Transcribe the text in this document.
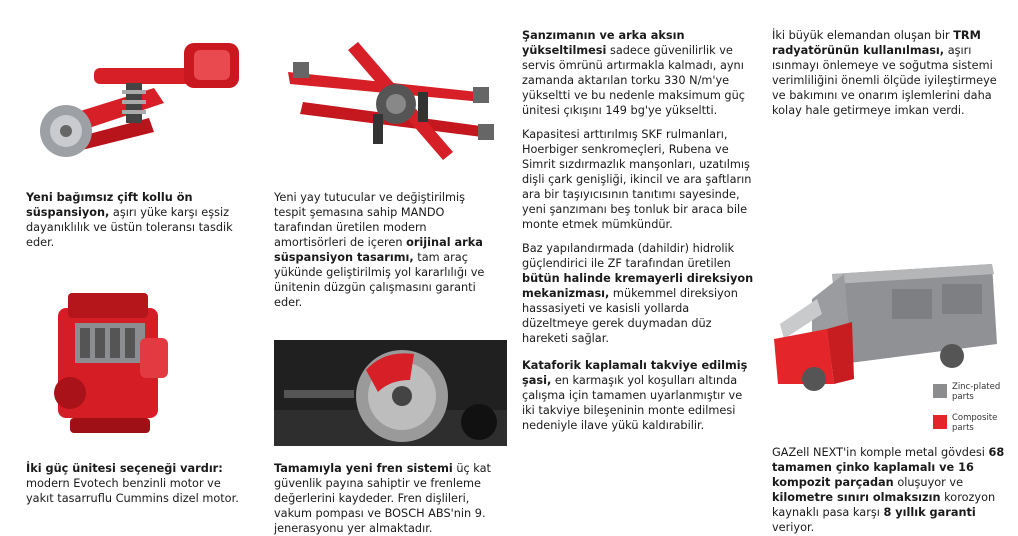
Yeni bağımsız çift kollu ön süspansiyon, aşırı yüke karşı eşsiz dayanıklılık ve üstün toleransı tasdik eder.
İki güç ünitesi seçeneği vardır: modern Evotech benzinli motor ve yakıt tasarruflu Cummins dizel motor.
Yeni yay tutucular ve değiştirilmiş tespit şemasına sahip MANDO tarafından üretilen modern amortisörleri de içeren orijinal arka süspansiyon tasarımı, tam araç yükünde geliştirilmiş yol kararlılığı ve ünitenin düzgün çalışmasını garanti eder.
Tamamıyla yeni fren sistemi üç kat güvenlik payına sahiptir ve frenleme değerlerini kaydeder. Fren dişlileri, vakum pompası ve BOSCH ABS'nin 9. jenerasyonu yer almaktadır.
Şanzımanın ve arka aksın yükseltilmesi sadece güvenilirlik ve servis ömrünü artırmakla kalmadı, aynı zamanda aktarılan torku 330 N/m'ye yükseltti ve bu nedenle maksimum güç ünitesi çıkışını 149 bg'ye yükseltti.
Kapasitesi arttırılmış SKF rulmanları, Hoerbiger senkromeçleri, Rubena ve Simrit sızdırmazlık manşonları, uzatılmış dişli çark genişliği, ikincil ve ara şaftların ara bir taşıyıcısının tanıtımı sayesinde, yeni şanzımanı beş tonluk bir araca bile monte etmek mümkündür.
Baz yapılandırmada (dahildir) hidrolik güçlendirici ile ZF tarafından üretilen bütün halinde kremayerli direksiyon mekanizması, mükemmel direksiyon hassasiyeti ve kasisli yollarda düzeltmeye gerek duymadan düz hareketi sağlar.
Kataforik kaplamalı takviye edilmiş şasi, en karmaşık yol koşulları altında çalışma için tamamen uyarlanmıştır ve iki takviye bileşeninin monte edilmesi nedeniyle ilave yükü kaldırabilir.
İki büyük elemandan oluşan bir TRM radyatörünün kullanılması, aşırı ısınmayı önlemeye ve soğutma sistemi verimliliğini önemli ölçüde iyileştirmeye ve bakımını ve onarım işlemlerini daha kolay hale getirmeye imkan verdi.
Zinc-plated parts
Composite parts
GAZell NEXT'in komple metal gövdesi 68 tamamen çinko kaplamalı ve 16 kompozit parçadan oluşuyor ve kilometre sınırı olmaksızın korozyon kaynaklı pasa karşı 8 yıllık garanti veriyor.
